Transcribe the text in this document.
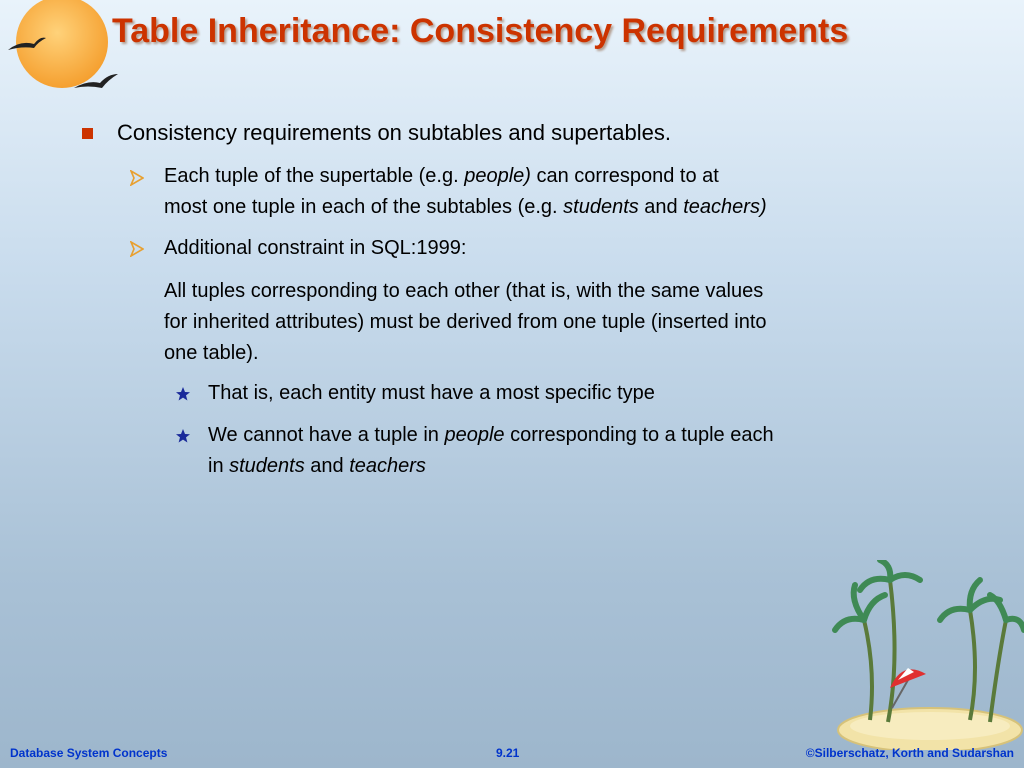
Table Inheritance: Consistency Requirements
Consistency requirements on subtables and supertables.
Each tuple of the supertable (e.g. people) can correspond to at
most one tuple in each of the subtables (e.g. students and teachers)
Additional constraint in SQL:1999:
All tuples corresponding to each other (that is, with the same values
for inherited attributes) must be derived from one tuple (inserted into
one table).
That is, each entity must have a most specific type
We cannot have a tuple in people corresponding to a tuple each
in students and teachers
Database System Concepts	9.21	©Silberschatz, Korth and Sudarshan
